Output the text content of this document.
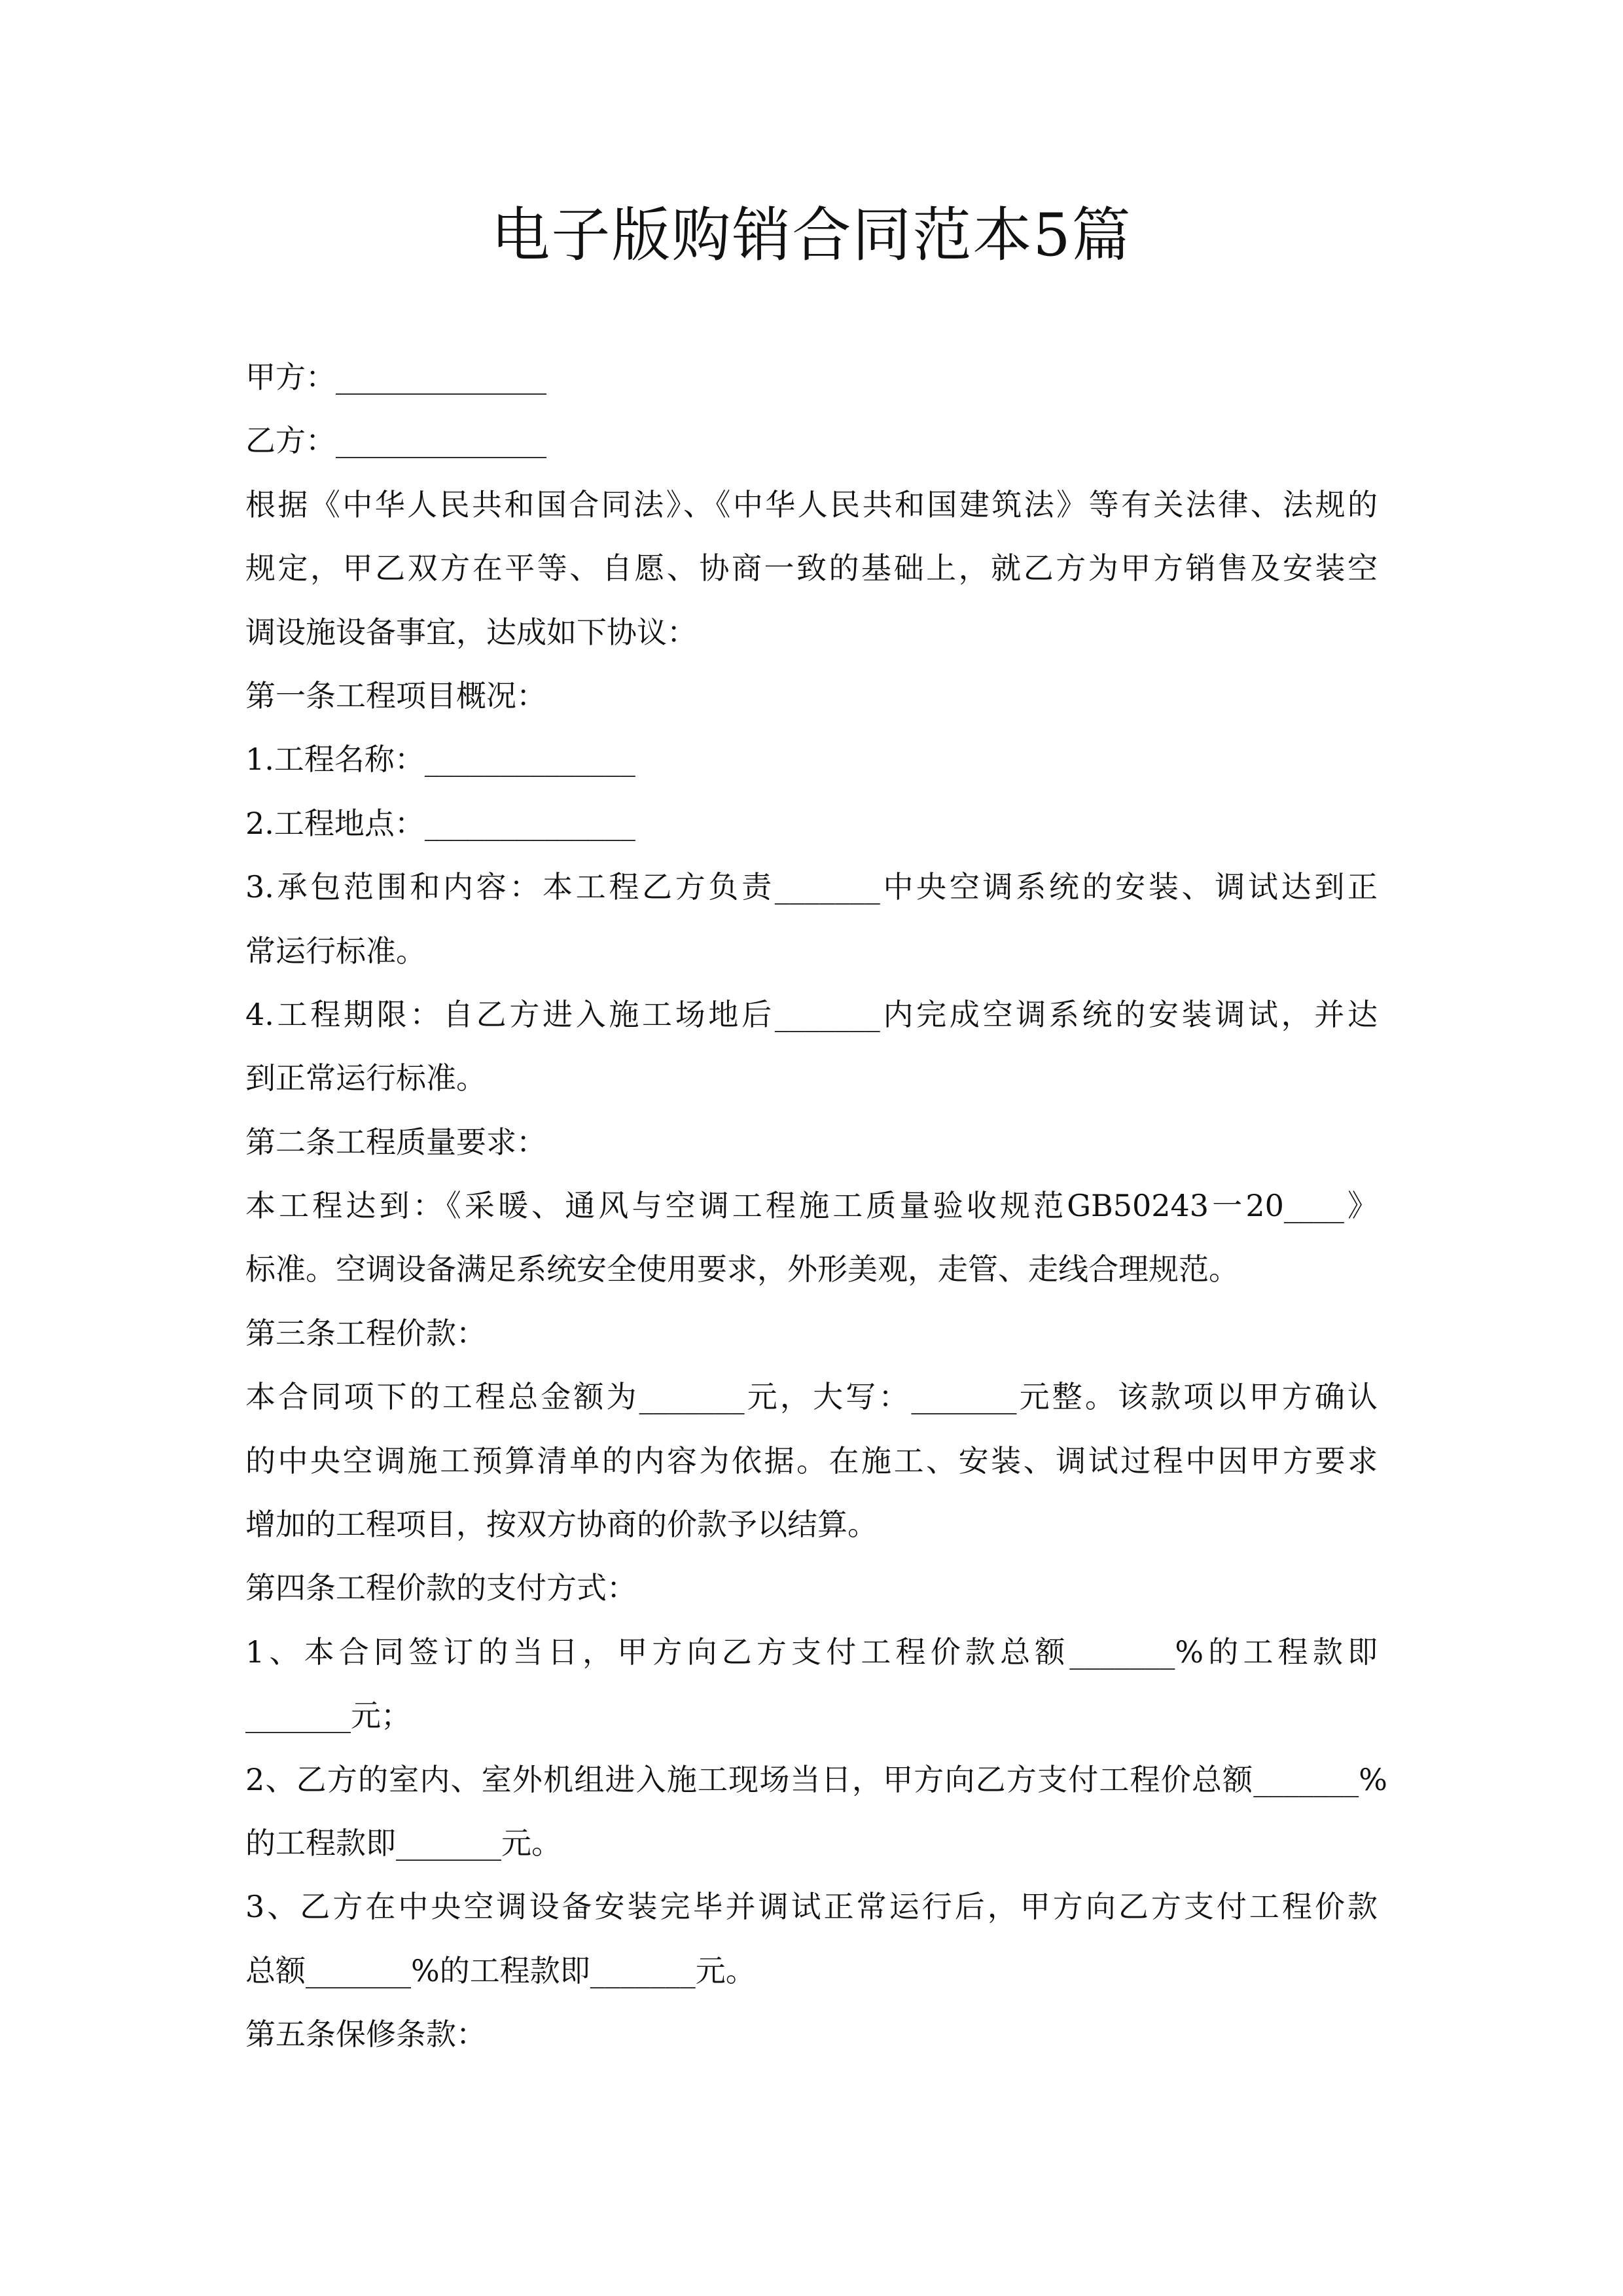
电子版购销合同范本5篇
甲方：______________
乙方：______________
根据《中华人民共和国合同法》、《中华人民共和国建筑法》等有关法律、法规的
规定，甲乙双方在平等、自愿、协商一致的基础上，就乙方为甲方销售及安装空
调设施设备事宜，达成如下协议：
第一条工程项目概况：
1.工程名称：______________
2.工程地点：______________
3.承包范围和内容：本工程乙方负责_______中央空调系统的安装、调试达到正
常运行标准。
4.工程期限：自乙方进入施工场地后_______内完成空调系统的安装调试，并达
到正常运行标准。
第二条工程质量要求：
本工程达到：《采暖、通风与空调工程施工质量验收规范GB50243一20____》
标准。空调设备满足系统安全使用要求，外形美观，走管、走线合理规范。
第三条工程价款：
本合同项下的工程总金额为_______元，大写：_______元整。该款项以甲方确认
的中央空调施工预算清单的内容为依据。在施工、安装、调试过程中因甲方要求
增加的工程项目，按双方协商的价款予以结算。
第四条工程价款的支付方式：
1、本合同签订的当日，甲方向乙方支付工程价款总额_______%的工程款即
_______元；
2、乙方的室内、室外机组进入施工现场当日，甲方向乙方支付工程价总额_______%
的工程款即_______元。
3、乙方在中央空调设备安装完毕并调试正常运行后，甲方向乙方支付工程价款
总额_______%的工程款即_______元。
第五条保修条款：
